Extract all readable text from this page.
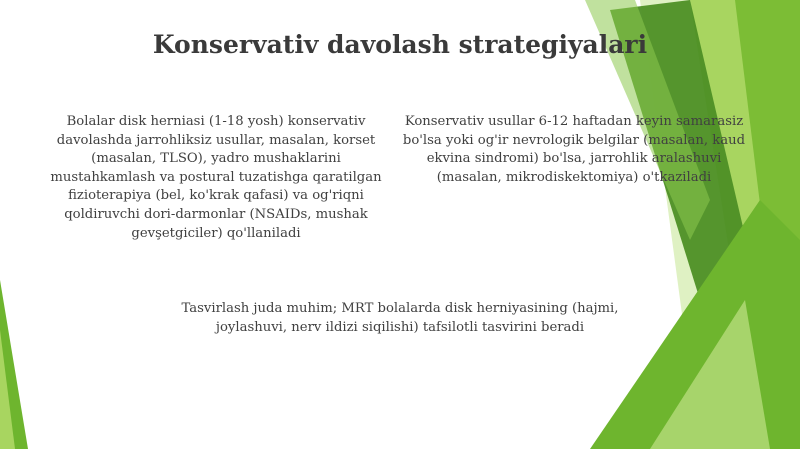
Konservativ davolash strategiyalari

Bolalar disk herniasi (1-18 yosh) konservativ davolashda jarrohliksiz usullar, masalan, korset (masalan, TLSO), yadro mushaklarini mustahkamlash va postural tuzatishga qaratilgan fizioterapiya (bel, ko'krak qafasi) va og'riqni qoldiruvchi dori-darmonlar (NSAIDs, mushak gevşetgiciler) qo'llaniladi

Konservativ usullar 6-12 haftadan keyin samarasiz bo'lsa yoki og'ir nevrologik belgilar (masalan, kaud ekvina sindromi) bo'lsa, jarrohlik aralashuvi (masalan, mikrodiskektomiya) o'tkaziladi

Tasvirlash juda muhim; MRT bolalarda disk herniyasining (hajmi, joylashuvi, nerv ildizi siqilishi) tafsilotli tasvirini beradi
